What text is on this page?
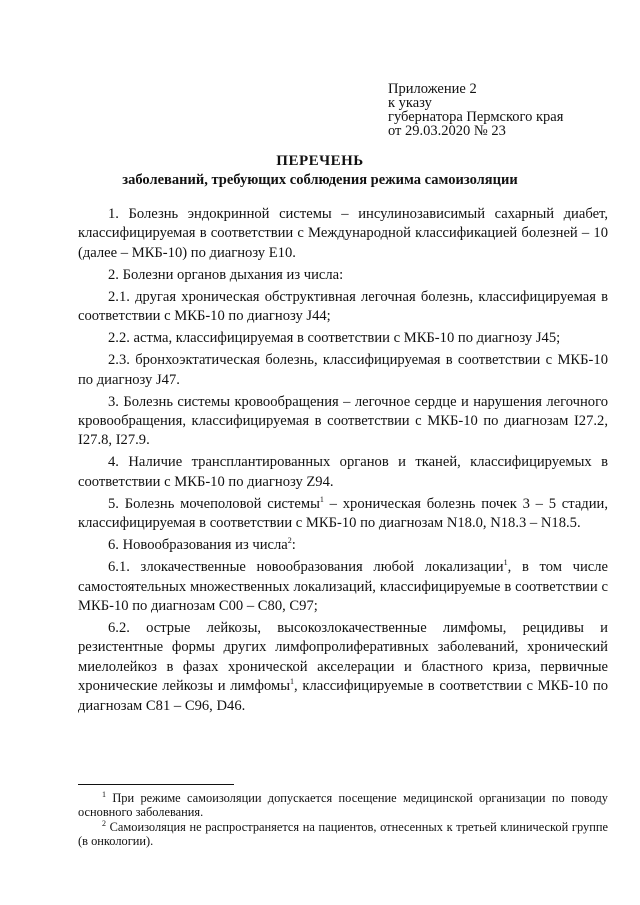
Приложение 2
к указу
губернатора Пермского края
от 29.03.2020 № 23
ПЕРЕЧЕНЬ
заболеваний, требующих соблюдения режима самоизоляции

1. Болезнь эндокринной системы – инсулинозависимый сахарный диабет, классифицируемая в соответствии с Международной классификацией болезней – 10 (далее – МКБ-10) по диагнозу E10.

2. Болезни органов дыхания из числа:

2.1. другая хроническая обструктивная легочная болезнь, классифицируемая в соответствии с МКБ-10 по диагнозу J44;

2.2. астма, классифицируемая в соответствии с МКБ-10 по диагнозу J45;

2.3. бронхоэктатическая болезнь, классифицируемая в соответствии с МКБ-10 по диагнозу J47.

3. Болезнь системы кровообращения – легочное сердце и нарушения легочного кровообращения, классифицируемая в соответствии с МКБ-10 по диагнозам I27.2, I27.8, I27.9.

4. Наличие трансплантированных органов и тканей, классифицируемых в соответствии с МКБ-10 по диагнозу Z94.

5. Болезнь мочеполовой системы$^1$ – хроническая болезнь почек 3 – 5 стадии, классифицируемая в соответствии с МКБ-10 по диагнозам N18.0, N18.3 – N18.5.

6. Новообразования из числа$^2$:

6.1. злокачественные новообразования любой локализации$^1$, в том числе самостоятельных множественных локализаций, классифицируемые в соответствии с МКБ-10 по диагнозам C00 – C80, C97;

6.2. острые лейкозы, высокозлокачественные лимфомы, рецидивы и резистентные формы других лимфопролиферативных заболеваний, хронический миелолейкоз в фазах хронической акселерации и бластного криза, первичные хронические лейкозы и лимфомы$^1$, классифицируемые в соответствии с МКБ-10 по диагнозам C81 – C96, D46.

$^1$ При режиме самоизоляции допускается посещение медицинской организации по поводу основного заболевания.

$^2$ Самоизоляция не распространяется на пациентов, отнесенных к третьей клинической группе (в онкологии).
